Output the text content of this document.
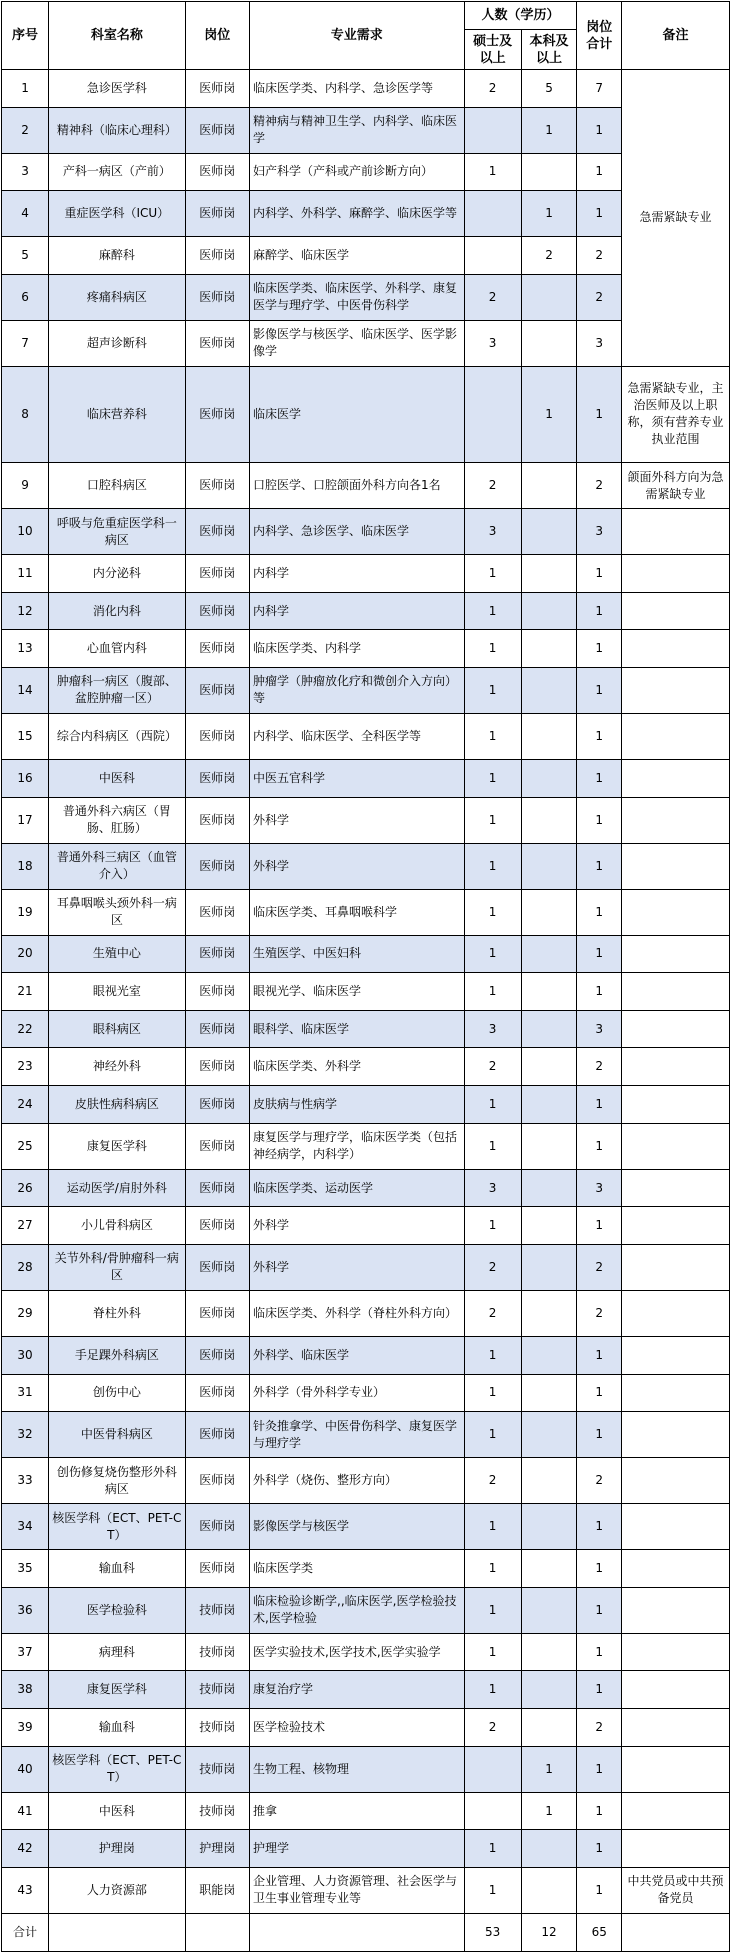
序号	科室名称	岗位	专业需求	人数（学历）		岗位合计	备注
				硕士及以上	本科及以上		
1	急诊医学科	医师岗	临床医学类、内科学、急诊医学等	2	5	7	急需紧缺专业
2	精神科（临床心理科）	医师岗	精神病与精神卫生学、内科学、临床医学		1	1	
3	产科一病区（产前）	医师岗	妇产科学（产科或产前诊断方向）	1		1	
4	重症医学科（ICU）	医师岗	内科学、外科学、麻醉学、临床医学等		1	1	
5	麻醉科	医师岗	麻醉学、临床医学		2	2	
6	疼痛科病区	医师岗	临床医学类、临床医学、外科学、康复医学与理疗学、中医骨伤科学	2		2	
7	超声诊断科	医师岗	影像医学与核医学、临床医学、医学影像学	3		3	
8	临床营养科	医师岗	临床医学		1	1	急需紧缺专业，主治医师及以上职称，须有营养专业执业范围
9	口腔科病区	医师岗	口腔医学、口腔颌面外科方向各1名	2		2	颌面外科方向为急需紧缺专业
10	呼吸与危重症医学科一病区	医师岗	内科学、急诊医学、临床医学	3		3	
11	内分泌科	医师岗	内科学	1		1	
12	消化内科	医师岗	内科学	1		1	
13	心血管内科	医师岗	临床医学类、内科学	1		1	
14	肿瘤科一病区（腹部、盆腔肿瘤一区）	医师岗	肿瘤学（肿瘤放化疗和微创介入方向）等	1		1	
15	综合内科病区（西院）	医师岗	内科学、临床医学、全科医学等	1		1	
16	中医科	医师岗	中医五官科学	1		1	
17	普通外科六病区（胃肠、肛肠）	医师岗	外科学	1		1	
18	普通外科三病区（血管介入）	医师岗	外科学	1		1	
19	耳鼻咽喉头颈外科一病区	医师岗	临床医学类、耳鼻咽喉科学	1		1	
20	生殖中心	医师岗	生殖医学、中医妇科	1		1	
21	眼视光室	医师岗	眼视光学、临床医学	1		1	
22	眼科病区	医师岗	眼科学、临床医学	3		3	
23	神经外科	医师岗	临床医学类、外科学	2		2	
24	皮肤性病科病区	医师岗	皮肤病与性病学	1		1	
25	康复医学科	医师岗	康复医学与理疗学，临床医学类（包括神经病学，内科学）	1		1	
26	运动医学/肩肘外科	医师岗	临床医学类、运动医学	3		3	
27	小儿骨科病区	医师岗	外科学	1		1	
28	关节外科/骨肿瘤科一病区	医师岗	外科学	2		2	
29	脊柱外科	医师岗	临床医学类、外科学（脊柱外科方向）	2		2	
30	手足踝外科病区	医师岗	外科学、临床医学	1		1	
31	创伤中心	医师岗	外科学（骨外科学专业）	1		1	
32	中医骨科病区	医师岗	针灸推拿学、中医骨伤科学、康复医学与理疗学	1		1	
33	创伤修复烧伤整形外科病区	医师岗	外科学（烧伤、整形方向）	2		2	
34	核医学科（ECT、PET-CT）	医师岗	影像医学与核医学	1		1	
35	输血科	医师岗	临床医学类	1		1	
36	医学检验科	技师岗	临床检验诊断学,,临床医学,医学检验技术,医学检验	1		1	
37	病理科	技师岗	医学实验技术,医学技术,医学实验学	1		1	
38	康复医学科	技师岗	康复治疗学	1		1	
39	输血科	技师岗	医学检验技术	2		2	
40	核医学科（ECT、PET-CT）	技师岗	生物工程、核物理		1	1	
41	中医科	技师岗	推拿		1	1	
42	护理岗	护理岗	护理学	1		1	
43	人力资源部	职能岗	企业管理、人力资源管理、社会医学与卫生事业管理专业等	1		1	中共党员或中共预备党员
合计				53	12	65	
